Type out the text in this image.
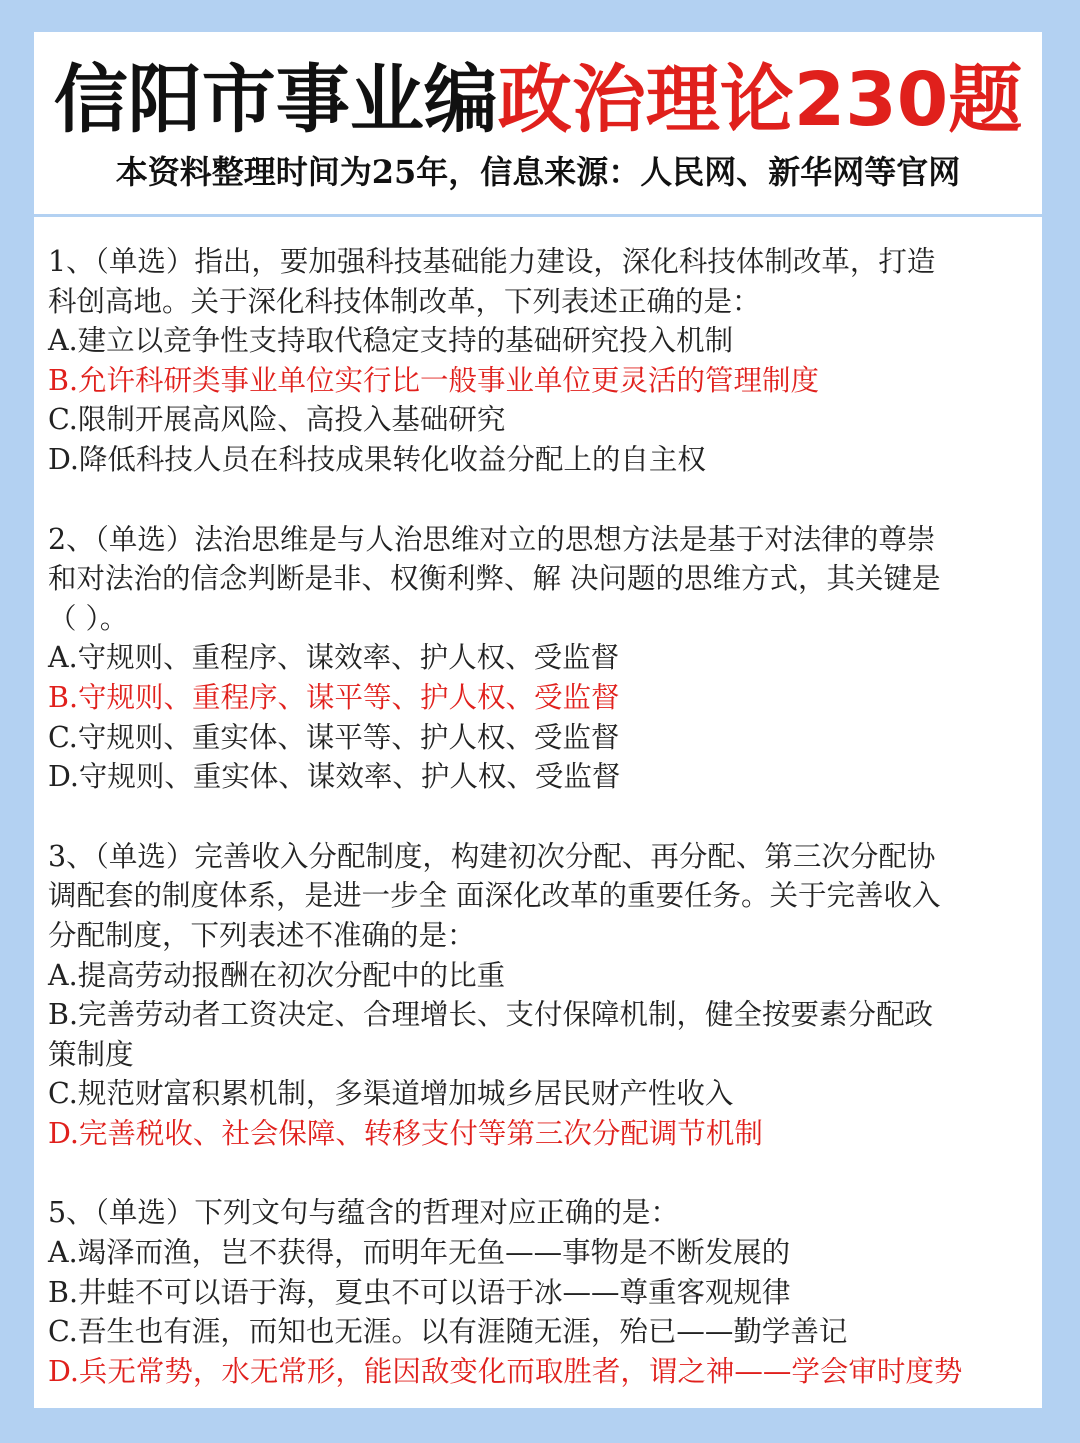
信阳市事业编政治理论230题
本资料整理时间为25年，信息来源：人民网、新华网等官网
1、（单选）指出，要加强科技基础能力建设，深化科技体制改革，打造
科创高地。关于深化科技体制改革，下列表述正确的是：
A.建立以竞争性支持取代稳定支持的基础研究投入机制
B.允许科研类事业单位实行比一般事业单位更灵活的管理制度
C.限制开展高风险、高投入基础研究
D.降低科技人员在科技成果转化收益分配上的自主权
2、（单选）法治思维是与人治思维对立的思想方法是基于对法律的尊崇
和对法治的信念判断是非、权衡利弊、解 决问题的思维方式，其关键是
（ ）。
A.守规则、重程序、谋效率、护人权、受监督
B.守规则、重程序、谋平等、护人权、受监督
C.守规则、重实体、谋平等、护人权、受监督
D.守规则、重实体、谋效率、护人权、受监督
3、（单选）完善收入分配制度，构建初次分配、再分配、第三次分配协
调配套的制度体系，是进一步全 面深化改革的重要任务。关于完善收入
分配制度，下列表述不准确的是：
A.提高劳动报酬在初次分配中的比重
B.完善劳动者工资决定、合理增长、支付保障机制，健全按要素分配政
策制度
C.规范财富积累机制，多渠道增加城乡居民财产性收入
D.完善税收、社会保障、转移支付等第三次分配调节机制
5、（单选）下列文句与蕴含的哲理对应正确的是：
A.竭泽而渔，岂不获得，而明年无鱼——事物是不断发展的
B.井蛙不可以语于海，夏虫不可以语于冰——尊重客观规律
C.吾生也有涯，而知也无涯。以有涯随无涯，殆已——勤学善记
D.兵无常势，水无常形，能因敌变化而取胜者，谓之神——学会审时度势
